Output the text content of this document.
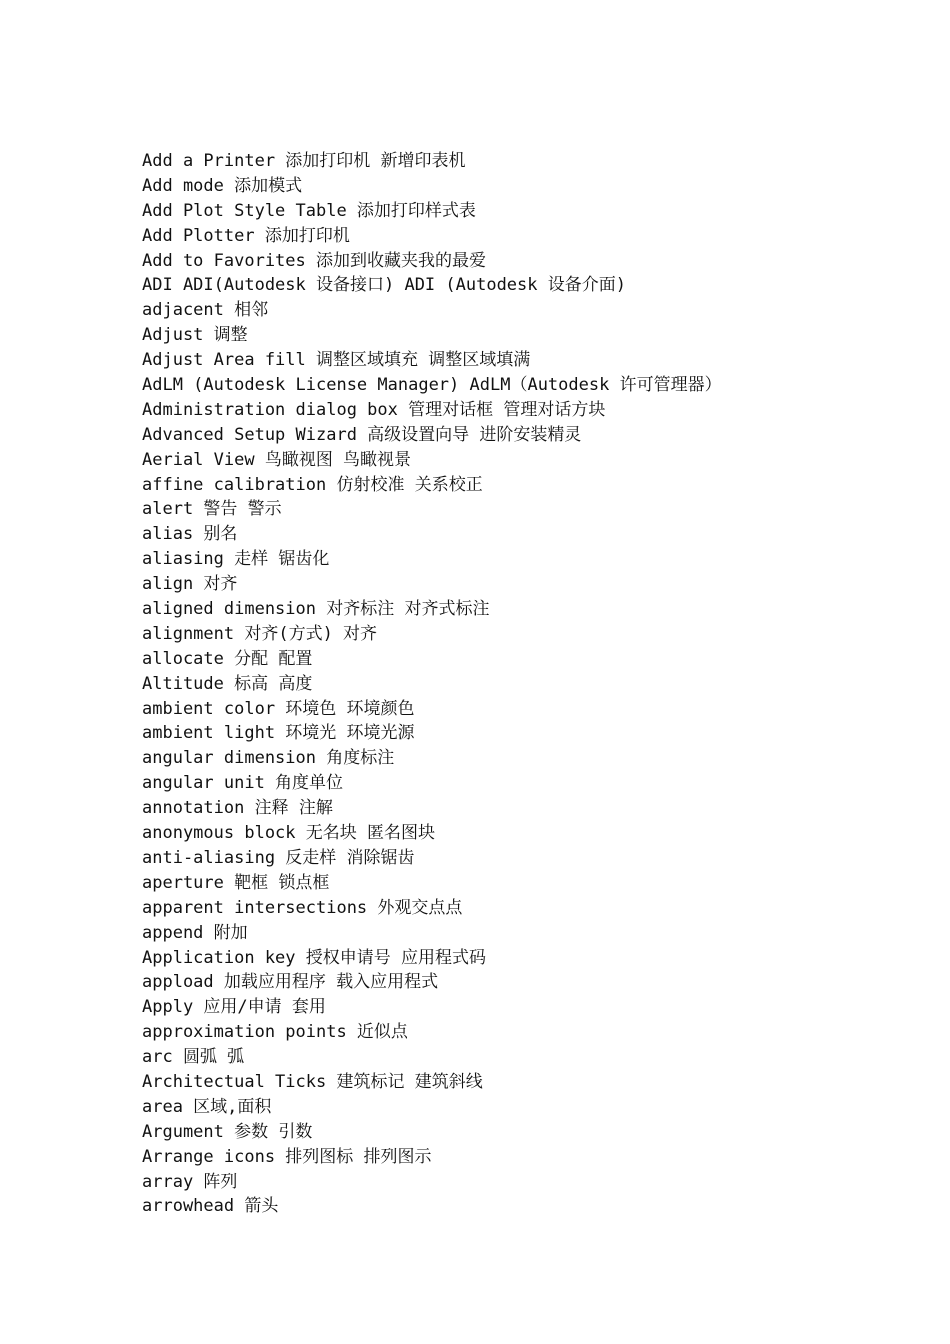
Add a Printer 添加打印机 新增印表机
Add mode 添加模式
Add Plot Style Table 添加打印样式表
Add Plotter 添加打印机
Add to Favorites 添加到收藏夹我的最爱
ADI ADI(Autodesk 设备接口) ADI (Autodesk 设备介面)
adjacent 相邻
Adjust 调整
Adjust Area fill 调整区域填充 调整区域填满
AdLM (Autodesk License Manager) AdLM（Autodesk 许可管理器）
Administration dialog box 管理对话框 管理对话方块
Advanced Setup Wizard 高级设置向导 进阶安装精灵
Aerial View 鸟瞰视图 鸟瞰视景
affine calibration 仿射校准 关系校正
alert 警告 警示
alias 别名
aliasing 走样 锯齿化
align 对齐
aligned dimension 对齐标注 对齐式标注
alignment 对齐(方式) 对齐
allocate 分配 配置
Altitude 标高 高度
ambient color 环境色 环境颜色
ambient light 环境光 环境光源
angular dimension 角度标注
angular unit 角度单位
annotation 注释 注解
anonymous block 无名块 匿名图块
anti-aliasing 反走样 消除锯齿
aperture 靶框 锁点框
apparent intersections 外观交点点
append 附加
Application key 授权申请号 应用程式码
appload 加载应用程序 载入应用程式
Apply 应用/申请 套用
approximation points 近似点
arc 圆弧 弧
Architectual Ticks 建筑标记 建筑斜线
area 区域,面积
Argument 参数 引数
Arrange icons 排列图标 排列图示
array 阵列
arrowhead 箭头
